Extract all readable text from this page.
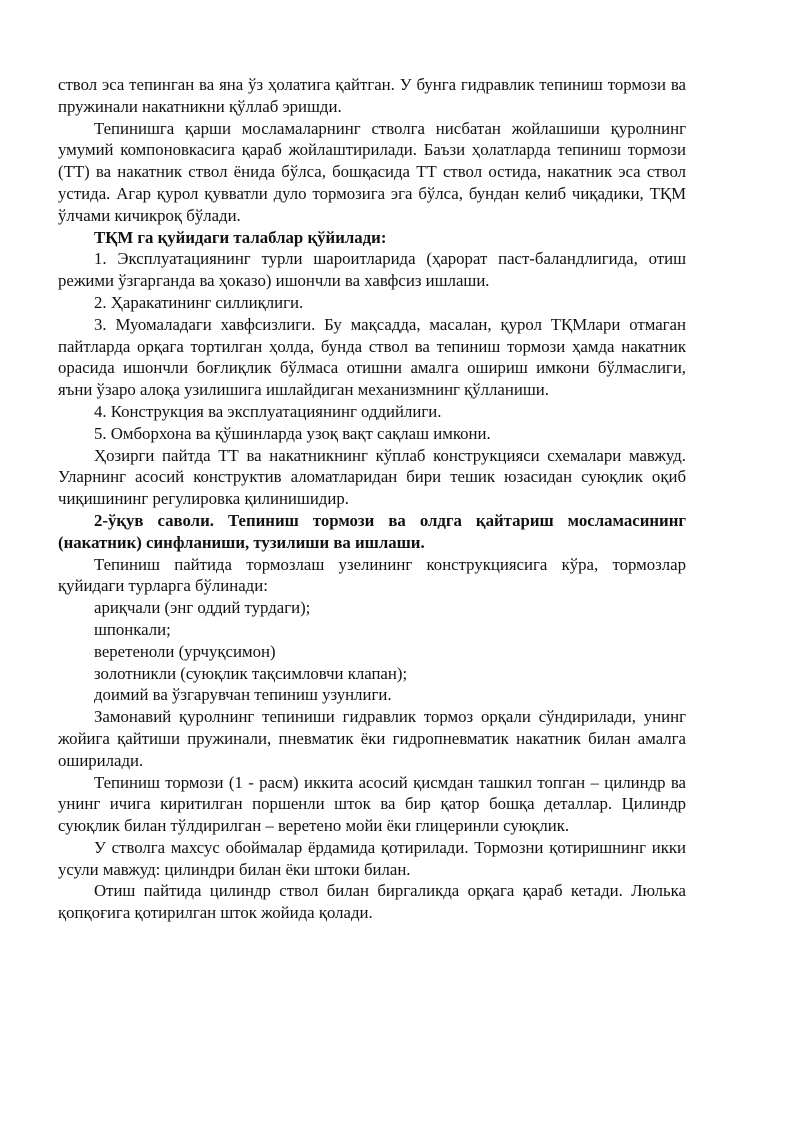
ствол эса тепинган ва яна ўз ҳолатига қайтган. У бунга гидравлик тепиниш тормози ва пружинали накатникни қўллаб эришди.

Тепинишга қарши мосламаларнинг стволга нисбатан жойлашиши қуролнинг умумий компоновкасига қараб жойлаштирилади. Баъзи ҳолатларда тепиниш тормози (ТТ) ва накатник ствол ёнида бўлса, бошқасида ТТ ствол остида, накатник эса ствол устида. Агар қурол қувватли дуло тормозига эга бўлса, бундан келиб чиқадики, ТҚМ ўлчами кичикроқ бўлади.

ТҚМ га қуйидаги талаблар қўйилади:

1. Эксплуатациянинг турли шароитларида (ҳарорат паст-баландлигида, отиш режими ўзгарганда ва ҳоказо) ишончли ва хавфсиз ишлаши.

2. Ҳаракатининг силлиқлиги.

3. Муомаладаги хавфсизлиги. Бу мақсадда, масалан, қурол ТҚМлари отмаган пайтларда орқага тортилган ҳолда, бунда ствол ва тепиниш тормози ҳамда накатник орасида ишончли боғлиқлик бўлмаса отишни амалга ошириш имкони бўлмаслиги, яъни ўзаро алоқа узилишига ишлайдиган механизмнинг қўлланиши.

4. Конструкция ва эксплуатациянинг оддийлиги.

5. Омборхона ва қўшинларда узоқ вақт сақлаш имкони.

Ҳозирги пайтда ТТ ва накатникнинг кўплаб конструкцияси схемалари мавжуд. Уларнинг асосий конструктив аломатларидан бири тешик юзасидан суюқлик оқиб чиқишининг регулировка қилинишидир.

2-ўқув саволи. Тепиниш тормози ва олдга қайтариш мосламасининг (накатник) синфланиши, тузилиши ва ишлаши.

Тепиниш пайтида тормозлаш узелининг конструкциясига кўра, тормозлар қуйидаги турларга бўлинади:

ариқчали (энг оддий турдаги);

шпонкали;

веретеноли (урчуқсимон)

золотникли (суюқлик тақсимловчи клапан);

доимий ва ўзгарувчан тепиниш узунлиги.

Замонавий қуролнинг тепиниши гидравлик тормоз орқали сўндирилади, унинг жойига қайтиши пружинали, пневматик ёки гидропневматик накатник билан амалга оширилади.

Тепиниш тормози (1 - расм) иккита асосий қисмдан ташкил топган – цилиндр ва унинг ичига киритилган поршенли шток ва бир қатор бошқа деталлар. Цилиндр суюқлик билан тўлдирилган – веретено мойи ёки глицеринли суюқлик.

У стволга махсус обоймалар ёрдамида қотирилади. Тормозни қотиришнинг икки усули мавжуд: цилиндри билан ёки штоки билан.

Отиш пайтида цилиндр ствол билан биргаликда орқага қараб кетади. Люлька қопқоғига қотирилган шток жойида қолади.
